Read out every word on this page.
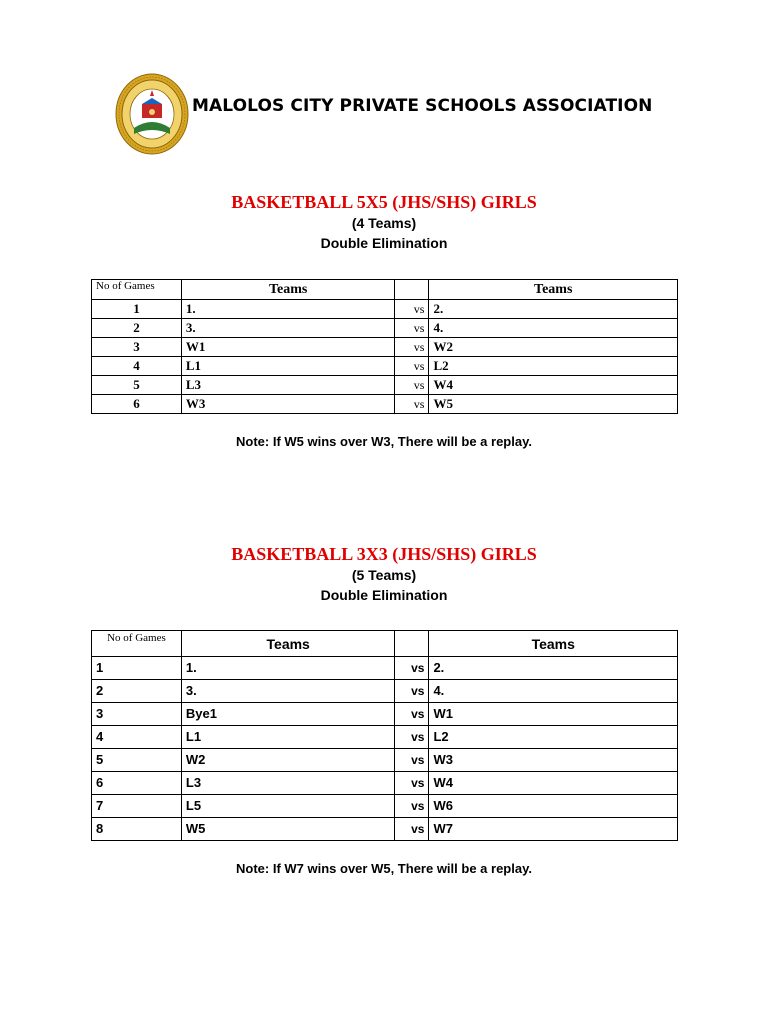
MALOLOS CITY PRIVATE SCHOOLS ASSOCIATION
BASKETBALL 5X5 (JHS/SHS) GIRLS

(4 Teams)

Double Elimination

No of Games	Teams		Teams
1	1.	vs	2.
2	3.	vs	4.
3	W1	vs	W2
4	L1	vs	L2
5	L3	vs	W4
6	W3	vs	W5
Note: If W5 wins over W3, There will be a replay.
BASKETBALL 3X3 (JHS/SHS) GIRLS

(5 Teams)

Double Elimination

No of Games	Teams		Teams
1	1.	vs	2.
2	3.	vs	4.
3	Bye1	vs	W1
4	L1	vs	L2
5	W2	vs	W3
6	L3	vs	W4
7	L5	vs	W6
8	W5	vs	W7
Note: If W7 wins over W5, There will be a replay.
